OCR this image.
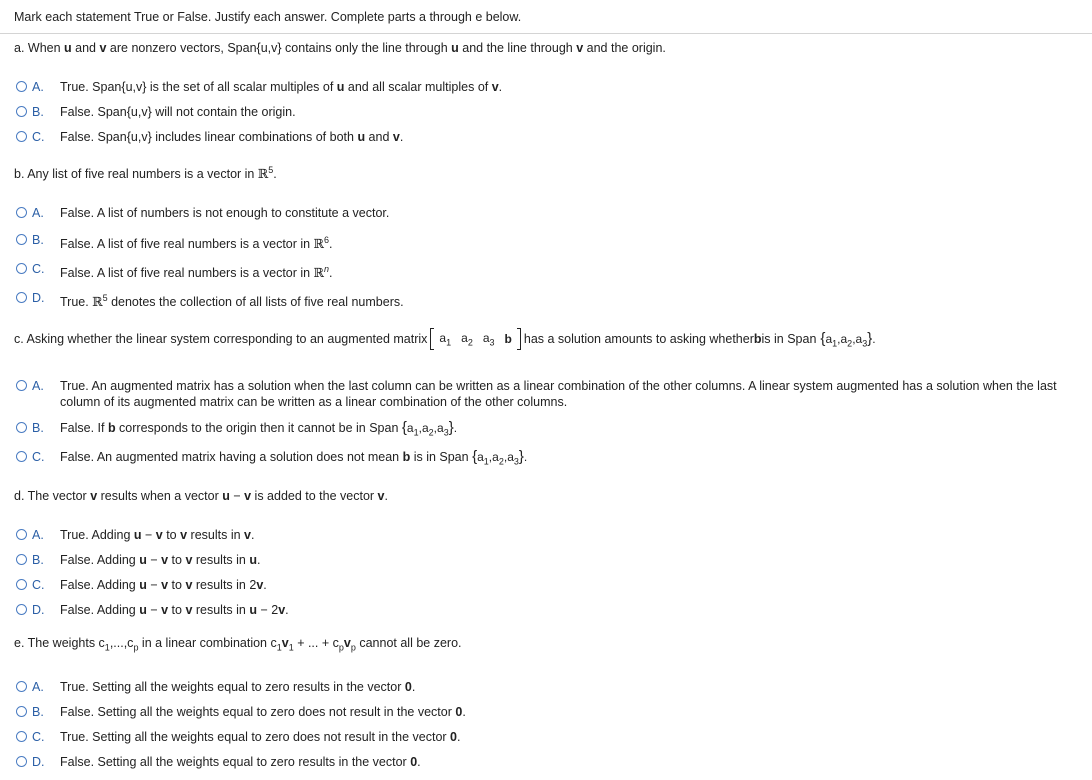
Mark each statement True or False. Justify each answer. Complete parts a through e below.
a. When u and v are nonzero vectors, Span{u,v} contains only the line through u and the line through v and the origin.
A.	True. Span{u,v} is the set of all scalar multiples of u and all scalar multiples of v.
B.	False. Span{u,v} will not contain the origin.
C.	False. Span{u,v} includes linear combinations of both u and v.
b. Any list of five real numbers is a vector in ℝ$^5$.
A.	False. A list of numbers is not enough to constitute a vector.
B.	False. A list of five real numbers is a vector in ℝ$^6$.
C.	False. A list of five real numbers is a vector in ℝ$^n$.
D.	True. ℝ$^5$ denotes the collection of all lists of five real numbers.
c. Asking whether the linear system corresponding to an augmented matrix	$a_1$ $a_2$ $a_3$ b has a solution amounts to asking whether b is in Span $\{a_1,a_2,a_3\}$.
A.	True. An augmented matrix has a solution when the last column can be written as a linear combination of the other columns. A linear system augmented has a solution when the last column of its augmented matrix can be written as a linear combination of the other columns.
B.	False. If b corresponds to the origin then it cannot be in Span $\{a_1,a_2,a_3\}$.
C.	False. An augmented matrix having a solution does not mean b is in Span $\{a_1,a_2,a_3\}$.
d. The vector v results when a vector u − v is added to the vector v.
A.	True. Adding u − v to v results in v.
B.	False. Adding u − v to v results in u.
C.	False. Adding u − v to v results in 2v.
D.	False. Adding u − v to v results in u − 2v.
e. The weights $c_1,...,c_p$ in a linear combination $c_1v_1$ + ... + $c_pv_p$ cannot all be zero.
A.	True. Setting all the weights equal to zero results in the vector 0.
B.	False. Setting all the weights equal to zero does not result in the vector 0.
C.	True. Setting all the weights equal to zero does not result in the vector 0.
D.	False. Setting all the weights equal to zero results in the vector 0.
